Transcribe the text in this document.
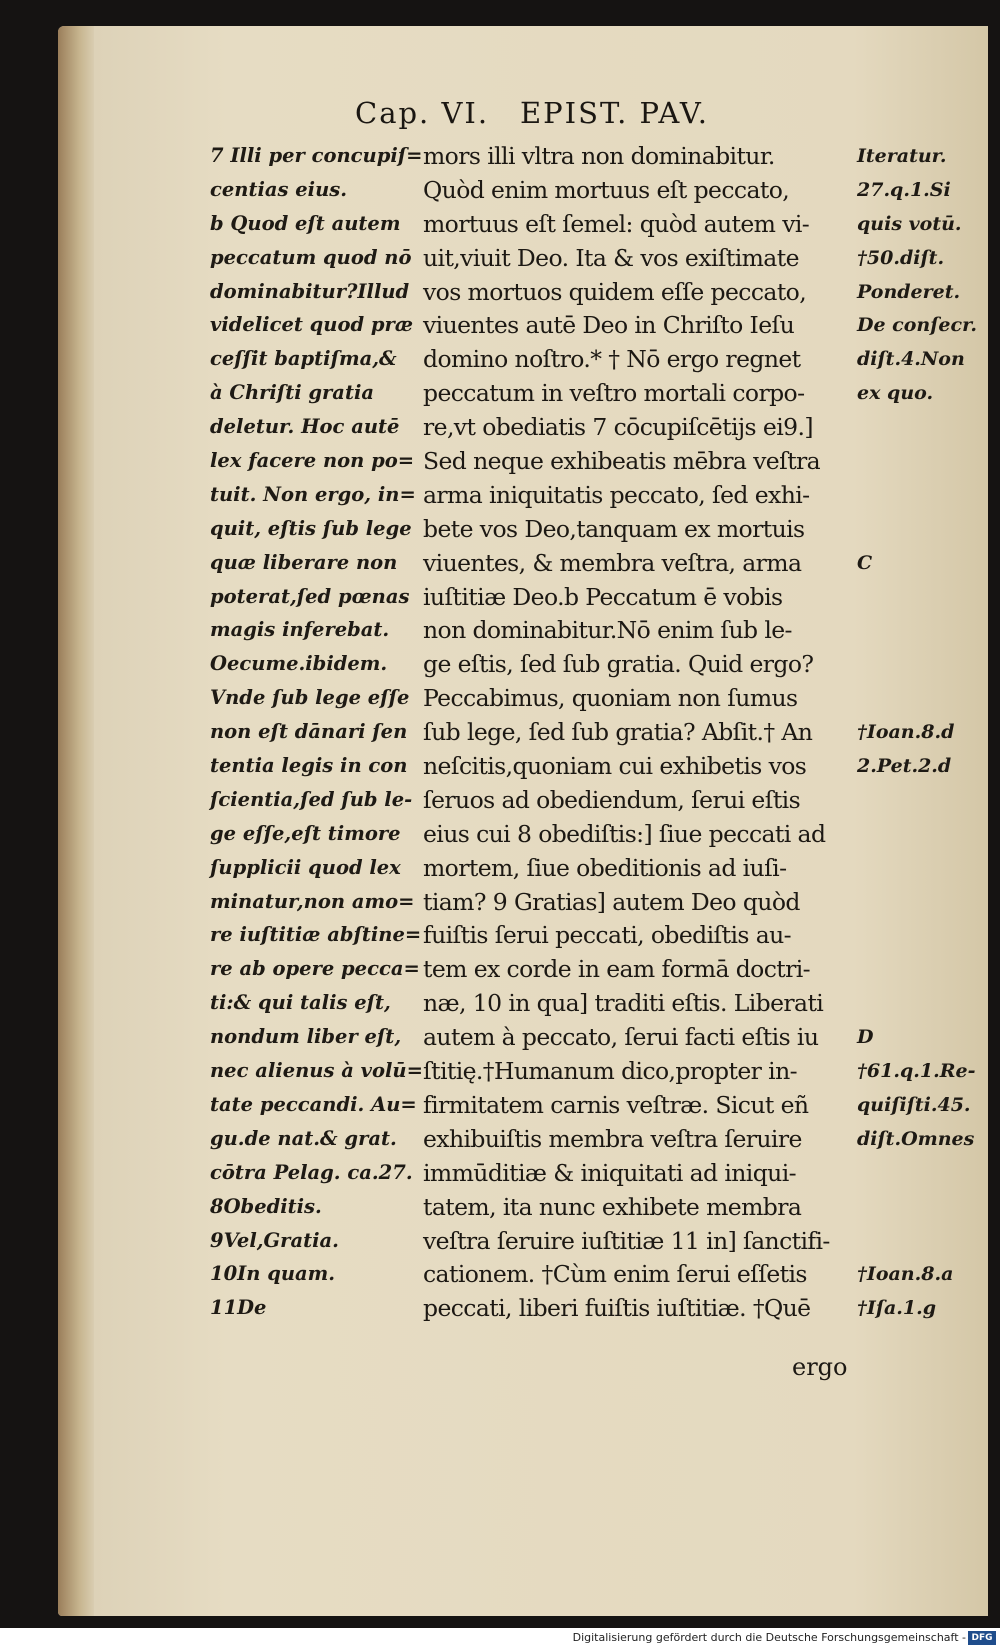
Cap. VI. EPIST. PAV.
7 Illi per concupiſ=
centias eius.
b Quod eſt autem
peccatum quod nō
dominabitur?Illud
videlicet quod præ
ceſſit baptiſma,&
à Chriſti gratia
deletur. Hoc autē
lex facere non po=
tuit. Non ergo, in=
quit, eſtis ſub lege
quæ liberare non
poterat,ſed pœnas
magis inferebat.
Oecume.ibidem.
Vnde ſub lege eſſe
non eſt dānari ſen
tentia legis in con
ſcientia,ſed ſub le-
ge eſſe,eſt timore
ſupplicii quod lex
minatur,non amo=
re iuſtitiæ abſtine=
re ab opere pecca=
ti:& qui talis eſt,
nondum liber eſt,
nec alienus à volū=
tate peccandi. Au=
gu.de nat.& grat.
cōtra Pelag. ca.27.
8Obeditis.
9Vel,Gratia.
10In quam.
11De
mors illi vltra non dominabitur.
Quòd enim mortuus eſt peccato,
mortuus eſt ſemel: quòd autem vi-
uit,viuit Deo. Ita & vos exiſtimate
vos mortuos quidem eſſe peccato,
viuentes autē Deo in Chriſto Ieſu
domino noſtro.* † Nō ergo regnet
peccatum in veſtro mortali corpo-
re,vt obediatis 7 cōcupiſcētijs ei9.]
Sed neque exhibeatis mēbra veſtra
arma iniquitatis peccato, ſed exhi-
bete vos Deo,tanquam ex mortuis
viuentes, & membra veſtra, arma
iuſtitiæ Deo.b Peccatum ē vobis
non dominabitur.Nō enim ſub le-
ge eſtis, ſed ſub gratia. Quid ergo?
Peccabimus, quoniam non ſumus
ſub lege, ſed ſub gratia? Abſit.† An
neſcitis,quoniam cui exhibetis vos
ſeruos ad obediendum, ſerui eſtis
eius cui 8 obediſtis:] ſiue peccati ad
mortem, ſiue obeditionis ad iuſi-
tiam? 9 Gratias] autem Deo quòd
fuiſtis ſerui peccati, obediſtis au-
tem ex corde in eam formā doctri-
næ, 10 in qua] traditi eſtis. Liberati
autem à peccato, ſerui facti eſtis iu
ſtitię.†Humanum dico,propter in-
firmitatem carnis veſtræ. Sicut eñ
exhibuiſtis membra veſtra ſeruire
immūditiæ & iniquitati ad iniqui-
tatem, ita nunc exhibete membra
veſtra ſeruire iuſtitiæ 11 in] ſanctifi-
cationem. †Cùm enim ſerui eſſetis
peccati, liberi fuiſtis iuſtitiæ. †Quē
Iteratur.
27.q.1.Si
quis votū.
†50.diſt.
Ponderet.
De conſecr.
diſt.4.Non
ex quo.
C
†Ioan.8.d
2.Pet.2.d
D
†61.q.1.Re-
quiſiſti.45.
diſt.Omnes
†Ioan.8.a
†Iſa.1.g
ergo
Digitalisierung gefördert durch die Deutsche Forschungsgemeinschaft - DFG
